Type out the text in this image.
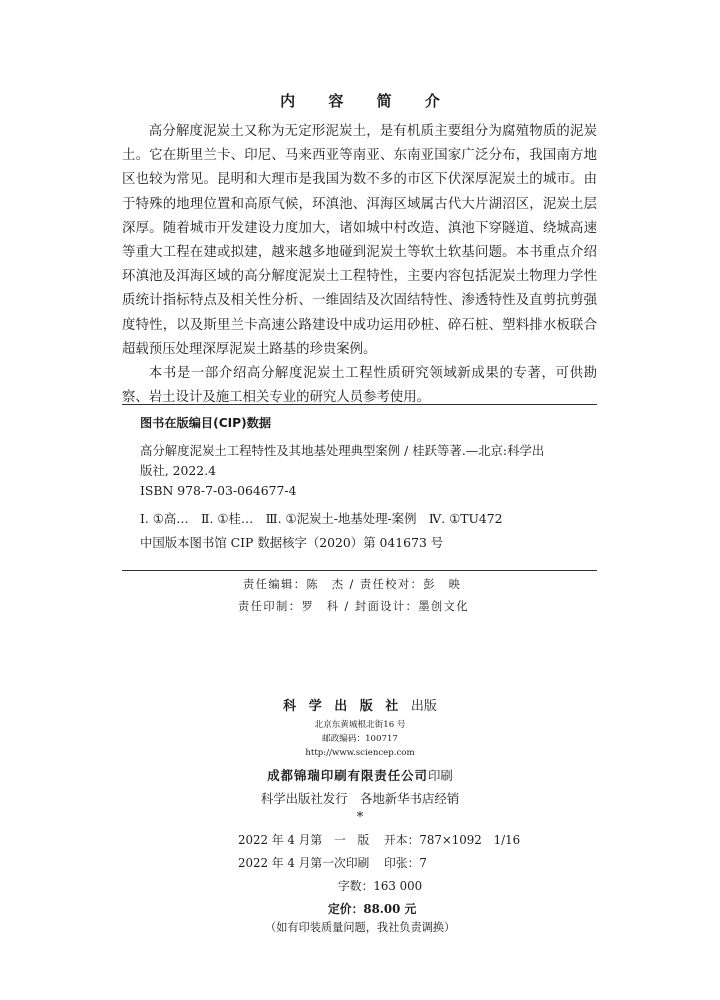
内 容 简 介

高分解度泥炭土又称为无定形泥炭土，是有机质主要组分为腐殖物质的泥炭土。它在斯里兰卡、印尼、马来西亚等南亚、东南亚国家广泛分布，我国南方地区也较为常见。昆明和大理市是我国为数不多的市区下伏深厚泥炭土的城市。由于特殊的地理位置和高原气候，环滇池、洱海区域属古代大片湖沼区，泥炭土层深厚。随着城市开发建设力度加大，诸如城中村改造、滇池下穿隧道、绕城高速等重大工程在建或拟建，越来越多地碰到泥炭土等软土软基问题。本书重点介绍环滇池及洱海区域的高分解度泥炭土工程特性，主要内容包括泥炭土物理力学性质统计指标特点及相关性分析、一维固结及次固结特性、渗透特性及直剪抗剪强度特性，以及斯里兰卡高速公路建设中成功运用砂桩、碎石桩、塑料排水板联合超载预压处理深厚泥炭土路基的珍贵案例。

本书是一部介绍高分解度泥炭土工程性质研究领域新成果的专著，可供勘察、岩土设计及施工相关专业的研究人员参考使用。

图书在版编目(CIP)数据
高分解度泥炭土工程特性及其地基处理典型案例 / 桂跃等著.—北京:科学出
版社, 2022.4
ISBN 978-7-03-064677-4
Ⅰ. ①高…　Ⅱ. ①桂…　Ⅲ. ①泥炭土-地基处理-案例　Ⅳ. ①TU472
中国版本图书馆 CIP 数据核字（2020）第 041673 号
责任编辑：陈　杰 / 责任校对：彭　映
责任印制：罗　科 / 封面设计：墨创文化
科 学 出 版 社 出版
北京东黄城根北街16 号
邮政编码：100717
http://www.sciencep.com
成都锦瑞印刷有限责任公司印刷
科学出版社发行　各地新华书店经销
*
2022 年 4 月第　一　版 开本：787×1092　1/16
2022 年 4 月第一次印刷 印张：7
字数：163 000
定价：88.00 元
（如有印装质量问题，我社负责调换）
